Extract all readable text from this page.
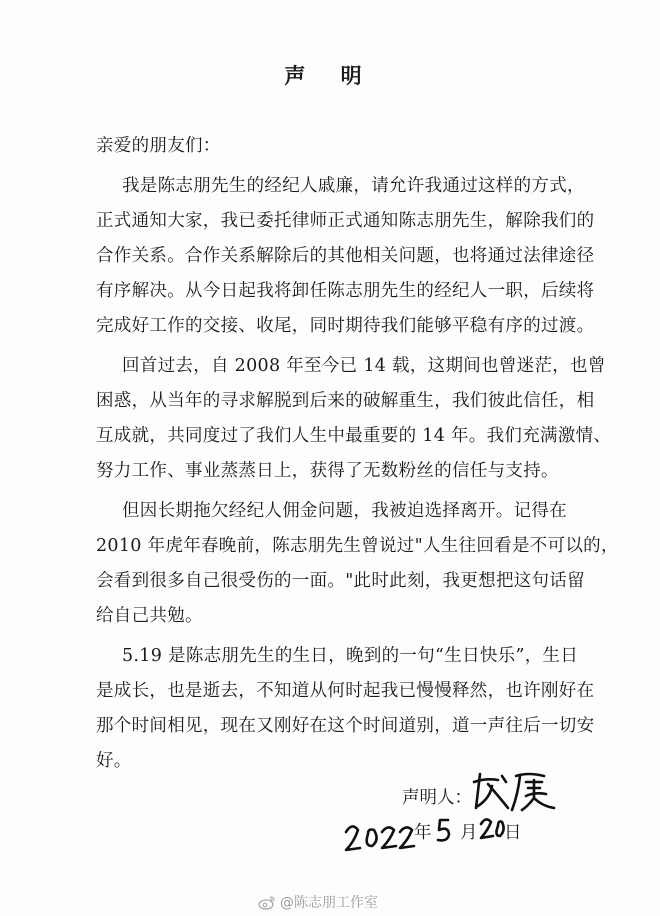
声 明
亲爱的朋友们：
我是陈志朋先生的经纪人戚廉，请允许我通过这样的方式，
正式通知大家，我已委托律师正式通知陈志朋先生，解除我们的
合作关系。合作关系解除后的其他相关问题，也将通过法律途径
有序解决。从今日起我将卸任陈志朋先生的经纪人一职，后续将
完成好工作的交接、收尾，同时期待我们能够平稳有序的过渡。
回首过去，自 2008 年至今已 14 载，这期间也曾迷茫，也曾
困惑，从当年的寻求解脱到后来的破解重生，我们彼此信任，相
互成就，共同度过了我们人生中最重要的 14 年。我们充满激情、
努力工作、事业蒸蒸日上，获得了无数粉丝的信任与支持。
但因长期拖欠经纪人佣金问题，我被迫选择离开。记得在
2010 年虎年春晚前，陈志朋先生曾说过"人生往回看是不可以的，
会看到很多自己很受伤的一面。"此时此刻，我更想把这句话留
给自己共勉。
5.19 是陈志朋先生的生日，晚到的一句“生日快乐”，生日
是成长，也是逝去，不知道从何时起我已慢慢释然，也许刚好在
那个时间相见，现在又刚好在这个时间道别，道一声往后一切安
好。
声明人：
年 月 日
@陈志朋工作室
